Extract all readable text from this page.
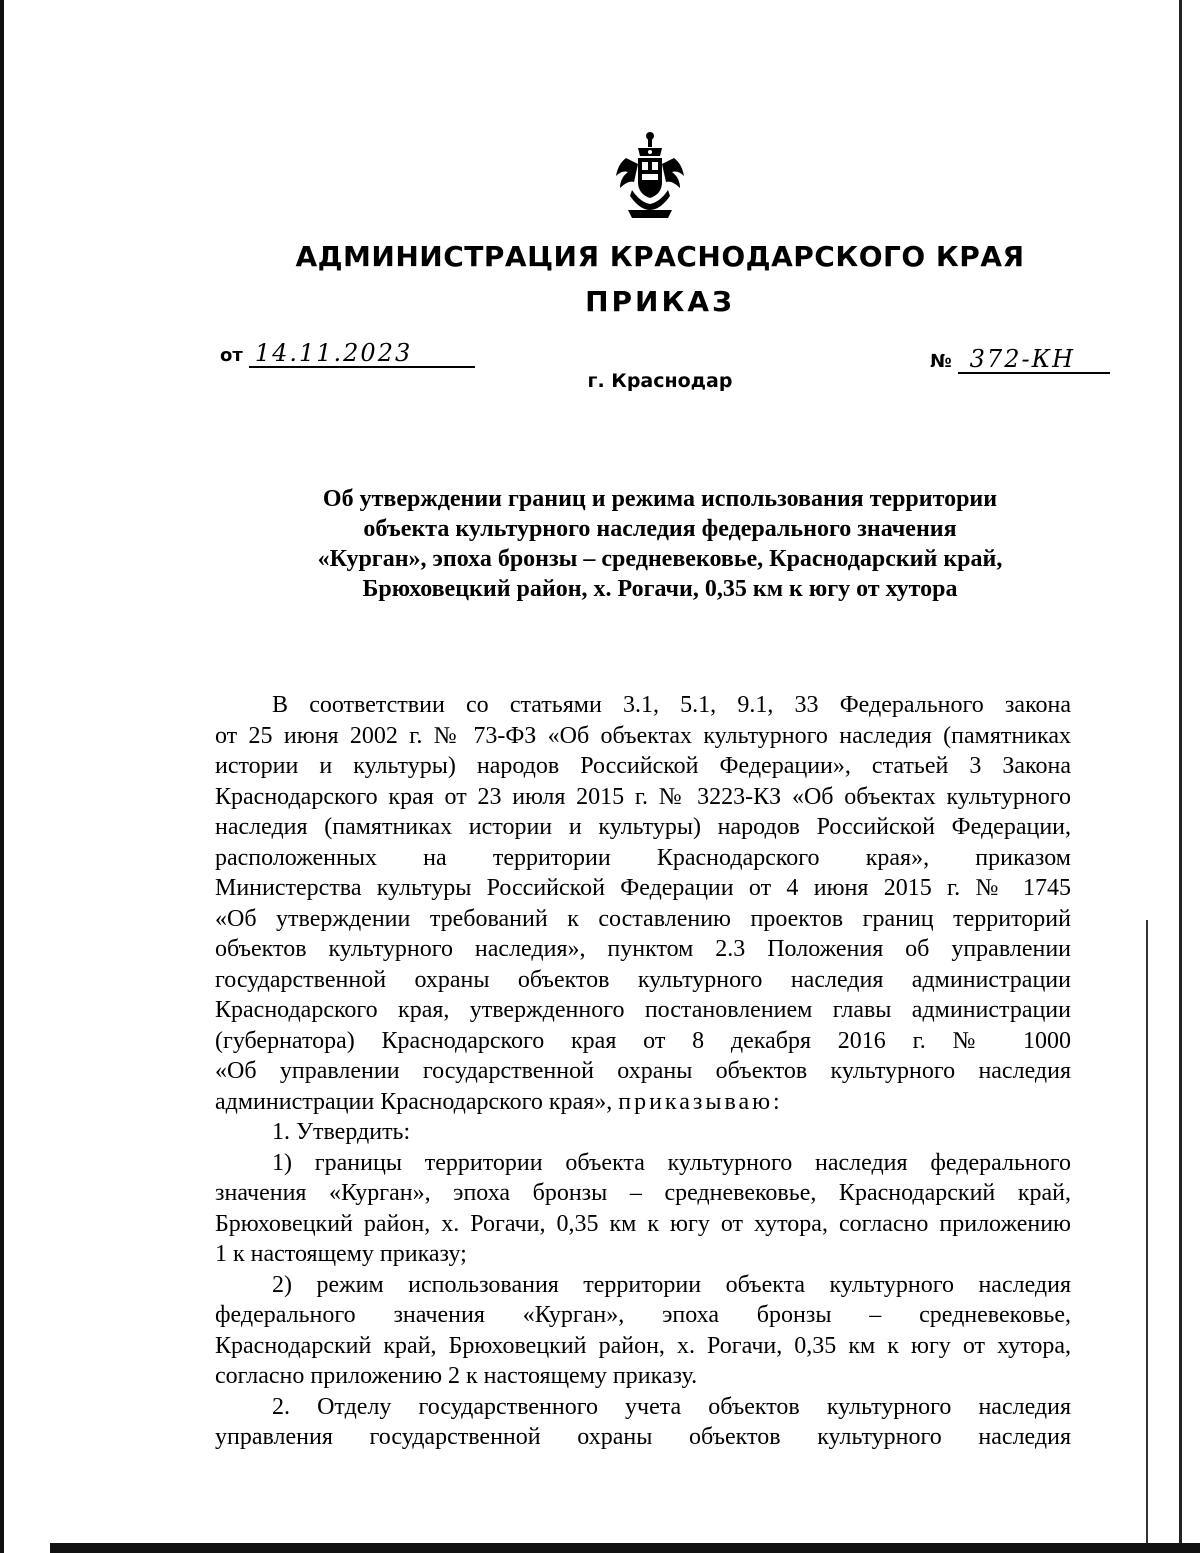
АДМИНИСТРАЦИЯ КРАСНОДАРСКОГО КРАЯ
ПРИКАЗ
от 14.11.2023	№ 372-КН
г. Краснодар
Об утверждении границ и режима использования территории
объекта культурного наследия федерального значения
«Курган», эпоха бронзы – средневековье, Краснодарский край,
Брюховецкий район, х. Рогачи, 0,35 км к югу от хутора
В соответствии со статьями 3.1, 5.1, 9.1, 33 Федерального закона
от 25 июня 2002 г. № 73-ФЗ «Об объектах культурного наследия (памятниках
истории и культуры) народов Российской Федерации», статьей 3 Закона
Краснодарского края от 23 июля 2015 г. № 3223-КЗ «Об объектах культурного
наследия (памятниках истории и культуры) народов Российской Федерации,
расположенных на территории Краснодарского края», приказом
Министерства культуры Российской Федерации от 4 июня 2015 г. № 1745
«Об утверждении требований к составлению проектов границ территорий
объектов культурного наследия», пунктом 2.3 Положения об управлении
государственной охраны объектов культурного наследия администрации
Краснодарского края, утвержденного постановлением главы администрации
(губернатора) Краснодарского края от 8 декабря 2016 г. № 1000
«Об управлении государственной охраны объектов культурного наследия
администрации Краснодарского края», приказываю:
1. Утвердить:
1) границы территории объекта культурного наследия федерального
значения «Курган», эпоха бронзы – средневековье, Краснодарский край,
Брюховецкий район, х. Рогачи, 0,35 км к югу от хутора, согласно приложению
1 к настоящему приказу;
2) режим использования территории объекта культурного наследия
федерального значения «Курган», эпоха бронзы – средневековье,
Краснодарский край, Брюховецкий район, х. Рогачи, 0,35 км к югу от хутора,
согласно приложению 2 к настоящему приказу.
2. Отделу государственного учета объектов культурного наследия
управления государственной охраны объектов культурного наследия
